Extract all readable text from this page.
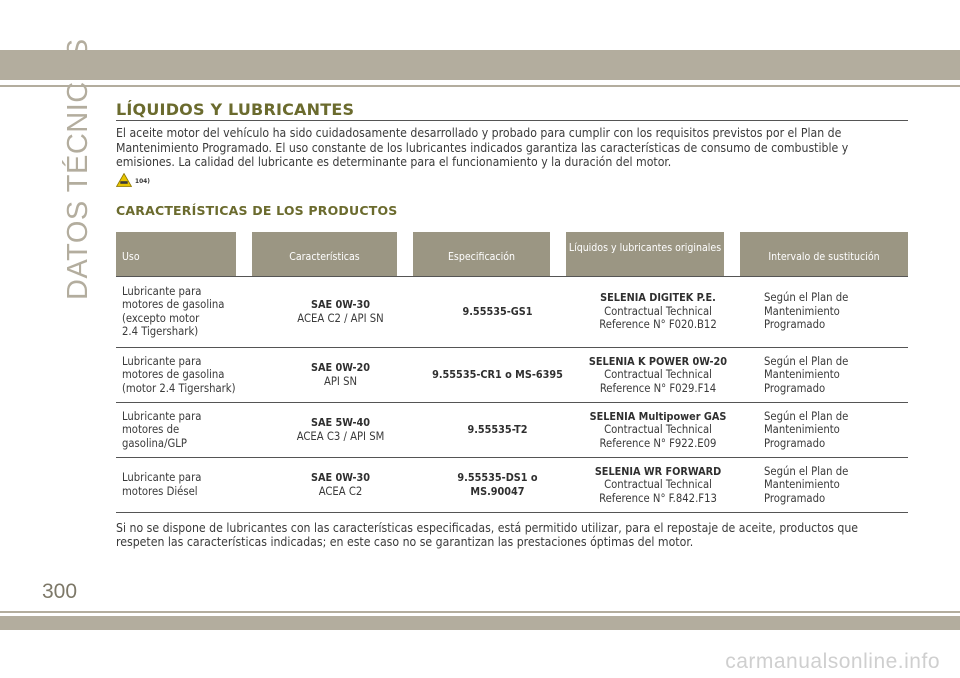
DATOS TÉCNICOS LÍQUIDOS Y LUBRICANTES

El aceite motor del vehículo ha sido cuidadosamente desarrollado y probado para cumplir con los requisitos previstos por el Plan de Mantenimiento Programado. El uso constante de los lubricantes indicados garantiza las características de consumo de combustible y emisiones. La calidad del lubricante es determinante para el funcionamiento y la duración del motor.

104)
CARACTERÍSTICAS DE LOS PRODUCTOS
Uso	Características	Especificación
Líquidos y lubricantes originales
Intervalo de sustitución
Lubricante para
motores de gasolina
(excepto motor
2.4 Tigershark)
SAE 0W-30
ACEA C2 / API SN
9.55535-GS1
SELENIA DIGITEK P.E.
Contractual Technical
Reference N° F020.B12
Según el Plan de
Mantenimiento
Programado
Lubricante para
motores de gasolina
(motor 2.4 Tigershark)
SAE 0W-20
API SN
9.55535-CR1 o MS-6395
SELENIA K POWER 0W-20
Contractual Technical
Reference N° F029.F14
Según el Plan de
Mantenimiento
Programado
Lubricante para
motores de
gasolina/GLP
SAE 5W-40
ACEA C3 / API SM
9.55535-T2
SELENIA Multipower GAS
Contractual Technical
Reference N° F922.E09
Según el Plan de
Mantenimiento
Programado
Lubricante para
motores Diésel
SAE 0W-30
ACEA C2
9.55535-DS1 o
MS.90047
SELENIA WR FORWARD
Contractual Technical
Reference N° F.842.F13
Según el Plan de
Mantenimiento
Programado

Si no se dispone de lubricantes con las características especificadas, está permitido utilizar, para el repostaje de aceite, productos que respeten las características indicadas; en este caso no se garantizan las prestaciones óptimas del motor.

300
carmanualsonline.info
